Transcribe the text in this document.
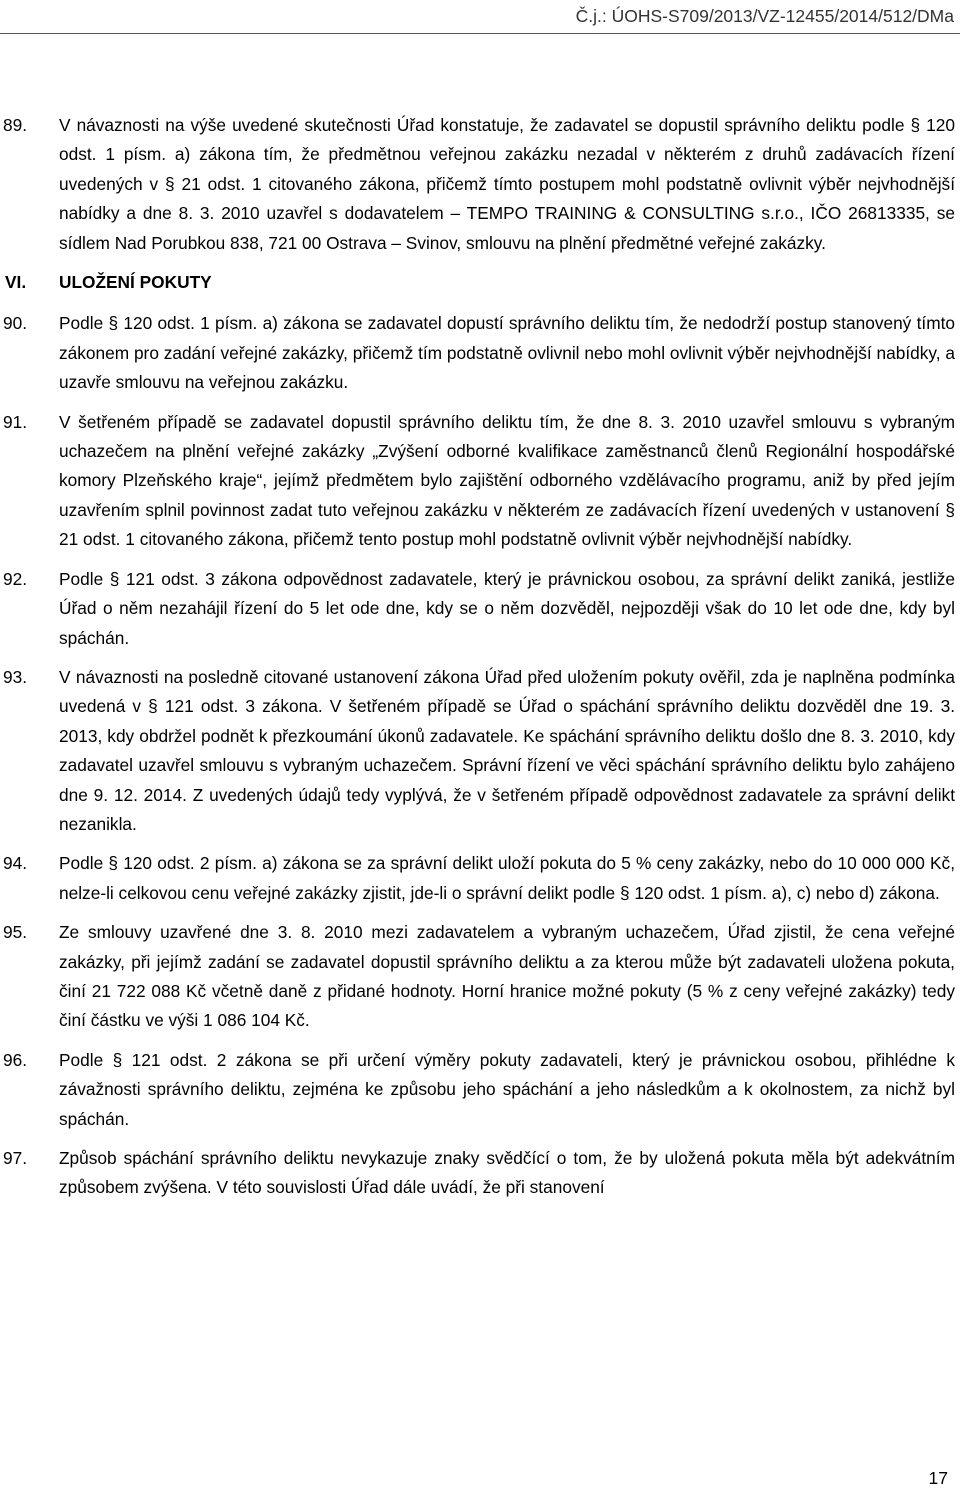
Č.j.: ÚOHS-S709/2013/VZ-12455/2014/512/DMa
89. V návaznosti na výše uvedené skutečnosti Úřad konstatuje, že zadavatel se dopustil správního deliktu podle § 120 odst. 1 písm. a) zákona tím, že předmětnou veřejnou zakázku nezadal v některém z druhů zadávacích řízení uvedených v § 21 odst. 1 citovaného zákona, přičemž tímto postupem mohl podstatně ovlivnit výběr nejvhodnější nabídky a dne 8. 3. 2010 uzavřel s dodavatelem – TEMPO TRAINING & CONSULTING s.r.o., IČO 26813335, se sídlem Nad Porubkou 838, 721 00 Ostrava – Svinov, smlouvu na plnění předmětné veřejné zakázky.
VI. ULOŽENÍ POKUTY
90. Podle § 120 odst. 1 písm. a) zákona se zadavatel dopustí správního deliktu tím, že nedodrží postup stanovený tímto zákonem pro zadání veřejné zakázky, přičemž tím podstatně ovlivnil nebo mohl ovlivnit výběr nejvhodnější nabídky, a uzavře smlouvu na veřejnou zakázku.
91. V šetřeném případě se zadavatel dopustil správního deliktu tím, že dne 8. 3. 2010 uzavřel smlouvu s vybraným uchazečem na plnění veřejné zakázky „Zvýšení odborné kvalifikace zaměstnanců členů Regionální hospodářské komory Plzeňského kraje“, jejímž předmětem bylo zajištění odborného vzdělávacího programu, aniž by před jejím uzavřením splnil povinnost zadat tuto veřejnou zakázku v některém ze zadávacích řízení uvedených v ustanovení § 21 odst. 1 citovaného zákona, přičemž tento postup mohl podstatně ovlivnit výběr nejvhodnější nabídky.
92. Podle § 121 odst. 3 zákona odpovědnost zadavatele, který je právnickou osobou, za správní delikt zaniká, jestliže Úřad o něm nezahájil řízení do 5 let ode dne, kdy se o něm dozvěděl, nejpozději však do 10 let ode dne, kdy byl spáchán.
93. V návaznosti na posledně citované ustanovení zákona Úřad před uložením pokuty ověřil, zda je naplněna podmínka uvedená v § 121 odst. 3 zákona. V šetřeném případě se Úřad o spáchání správního deliktu dozvěděl dne 19. 3. 2013, kdy obdržel podnět k přezkoumání úkonů zadavatele. Ke spáchání správního deliktu došlo dne 8. 3. 2010, kdy zadavatel uzavřel smlouvu s vybraným uchazečem. Správní řízení ve věci spáchání správního deliktu bylo zahájeno dne 9. 12. 2014. Z uvedených údajů tedy vyplývá, že v šetřeném případě odpovědnost zadavatele za správní delikt nezanikla.
94. Podle § 120 odst. 2 písm. a) zákona se za správní delikt uloží pokuta do 5 % ceny zakázky, nebo do 10 000 000 Kč, nelze-li celkovou cenu veřejné zakázky zjistit, jde-li o správní delikt podle § 120 odst. 1 písm. a), c) nebo d) zákona.
95. Ze smlouvy uzavřené dne 3. 8. 2010 mezi zadavatelem a vybraným uchazečem, Úřad zjistil, že cena veřejné zakázky, při jejímž zadání se zadavatel dopustil správního deliktu a za kterou může být zadavateli uložena pokuta, činí 21 722 088 Kč včetně daně z přidané hodnoty. Horní hranice možné pokuty (5 % z ceny veřejné zakázky) tedy činí částku ve výši 1 086 104 Kč.
96. Podle § 121 odst. 2 zákona se při určení výměry pokuty zadavateli, který je právnickou osobou, přihlédne k závažnosti správního deliktu, zejména ke způsobu jeho spáchání a jeho následkům a k okolnostem, za nichž byl spáchán.
97. Způsob spáchání správního deliktu nevykazuje znaky svědčící o tom, že by uložená pokuta měla být adekvátním způsobem zvýšena. V této souvislosti Úřad dále uvádí, že při stanovení
17
